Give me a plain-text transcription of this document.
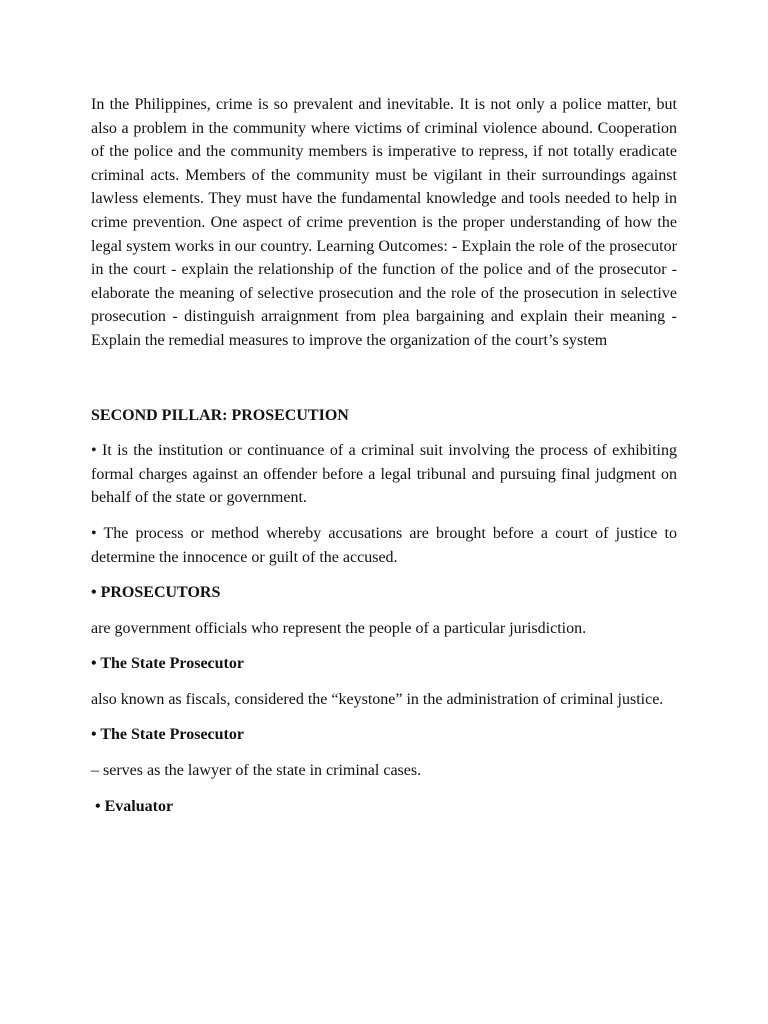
In the Philippines, crime is so prevalent and inevitable. It is not only a police matter, but also a problem in the community where victims of criminal violence abound. Cooperation of the police and the community members is imperative to repress, if not totally eradicate criminal acts. Members of the community must be vigilant in their surroundings against lawless elements. They must have the fundamental knowledge and tools needed to help in crime prevention. One aspect of crime prevention is the proper understanding of how the legal system works in our country. Learning Outcomes: - Explain the role of the prosecutor in the court - explain the relationship of the function of the police and of the prosecutor - elaborate the meaning of selective prosecution and the role of the prosecution in selective prosecution - distinguish arraignment from plea bargaining and explain their meaning - Explain the remedial measures to improve the organization of the court’s system

SECOND PILLAR: PROSECUTION

• It is the institution or continuance of a criminal suit involving the process of exhibiting formal charges against an offender before a legal tribunal and pursuing final judgment on behalf of the state or government.

• The process or method whereby accusations are brought before a court of justice to determine the innocence or guilt of the accused.

• PROSECUTORS

are government officials who represent the people of a particular jurisdiction.

• The State Prosecutor

also known as fiscals, considered the “keystone” in the administration of criminal justice.

• The State Prosecutor

– serves as the lawyer of the state in criminal cases.

• Evaluator
